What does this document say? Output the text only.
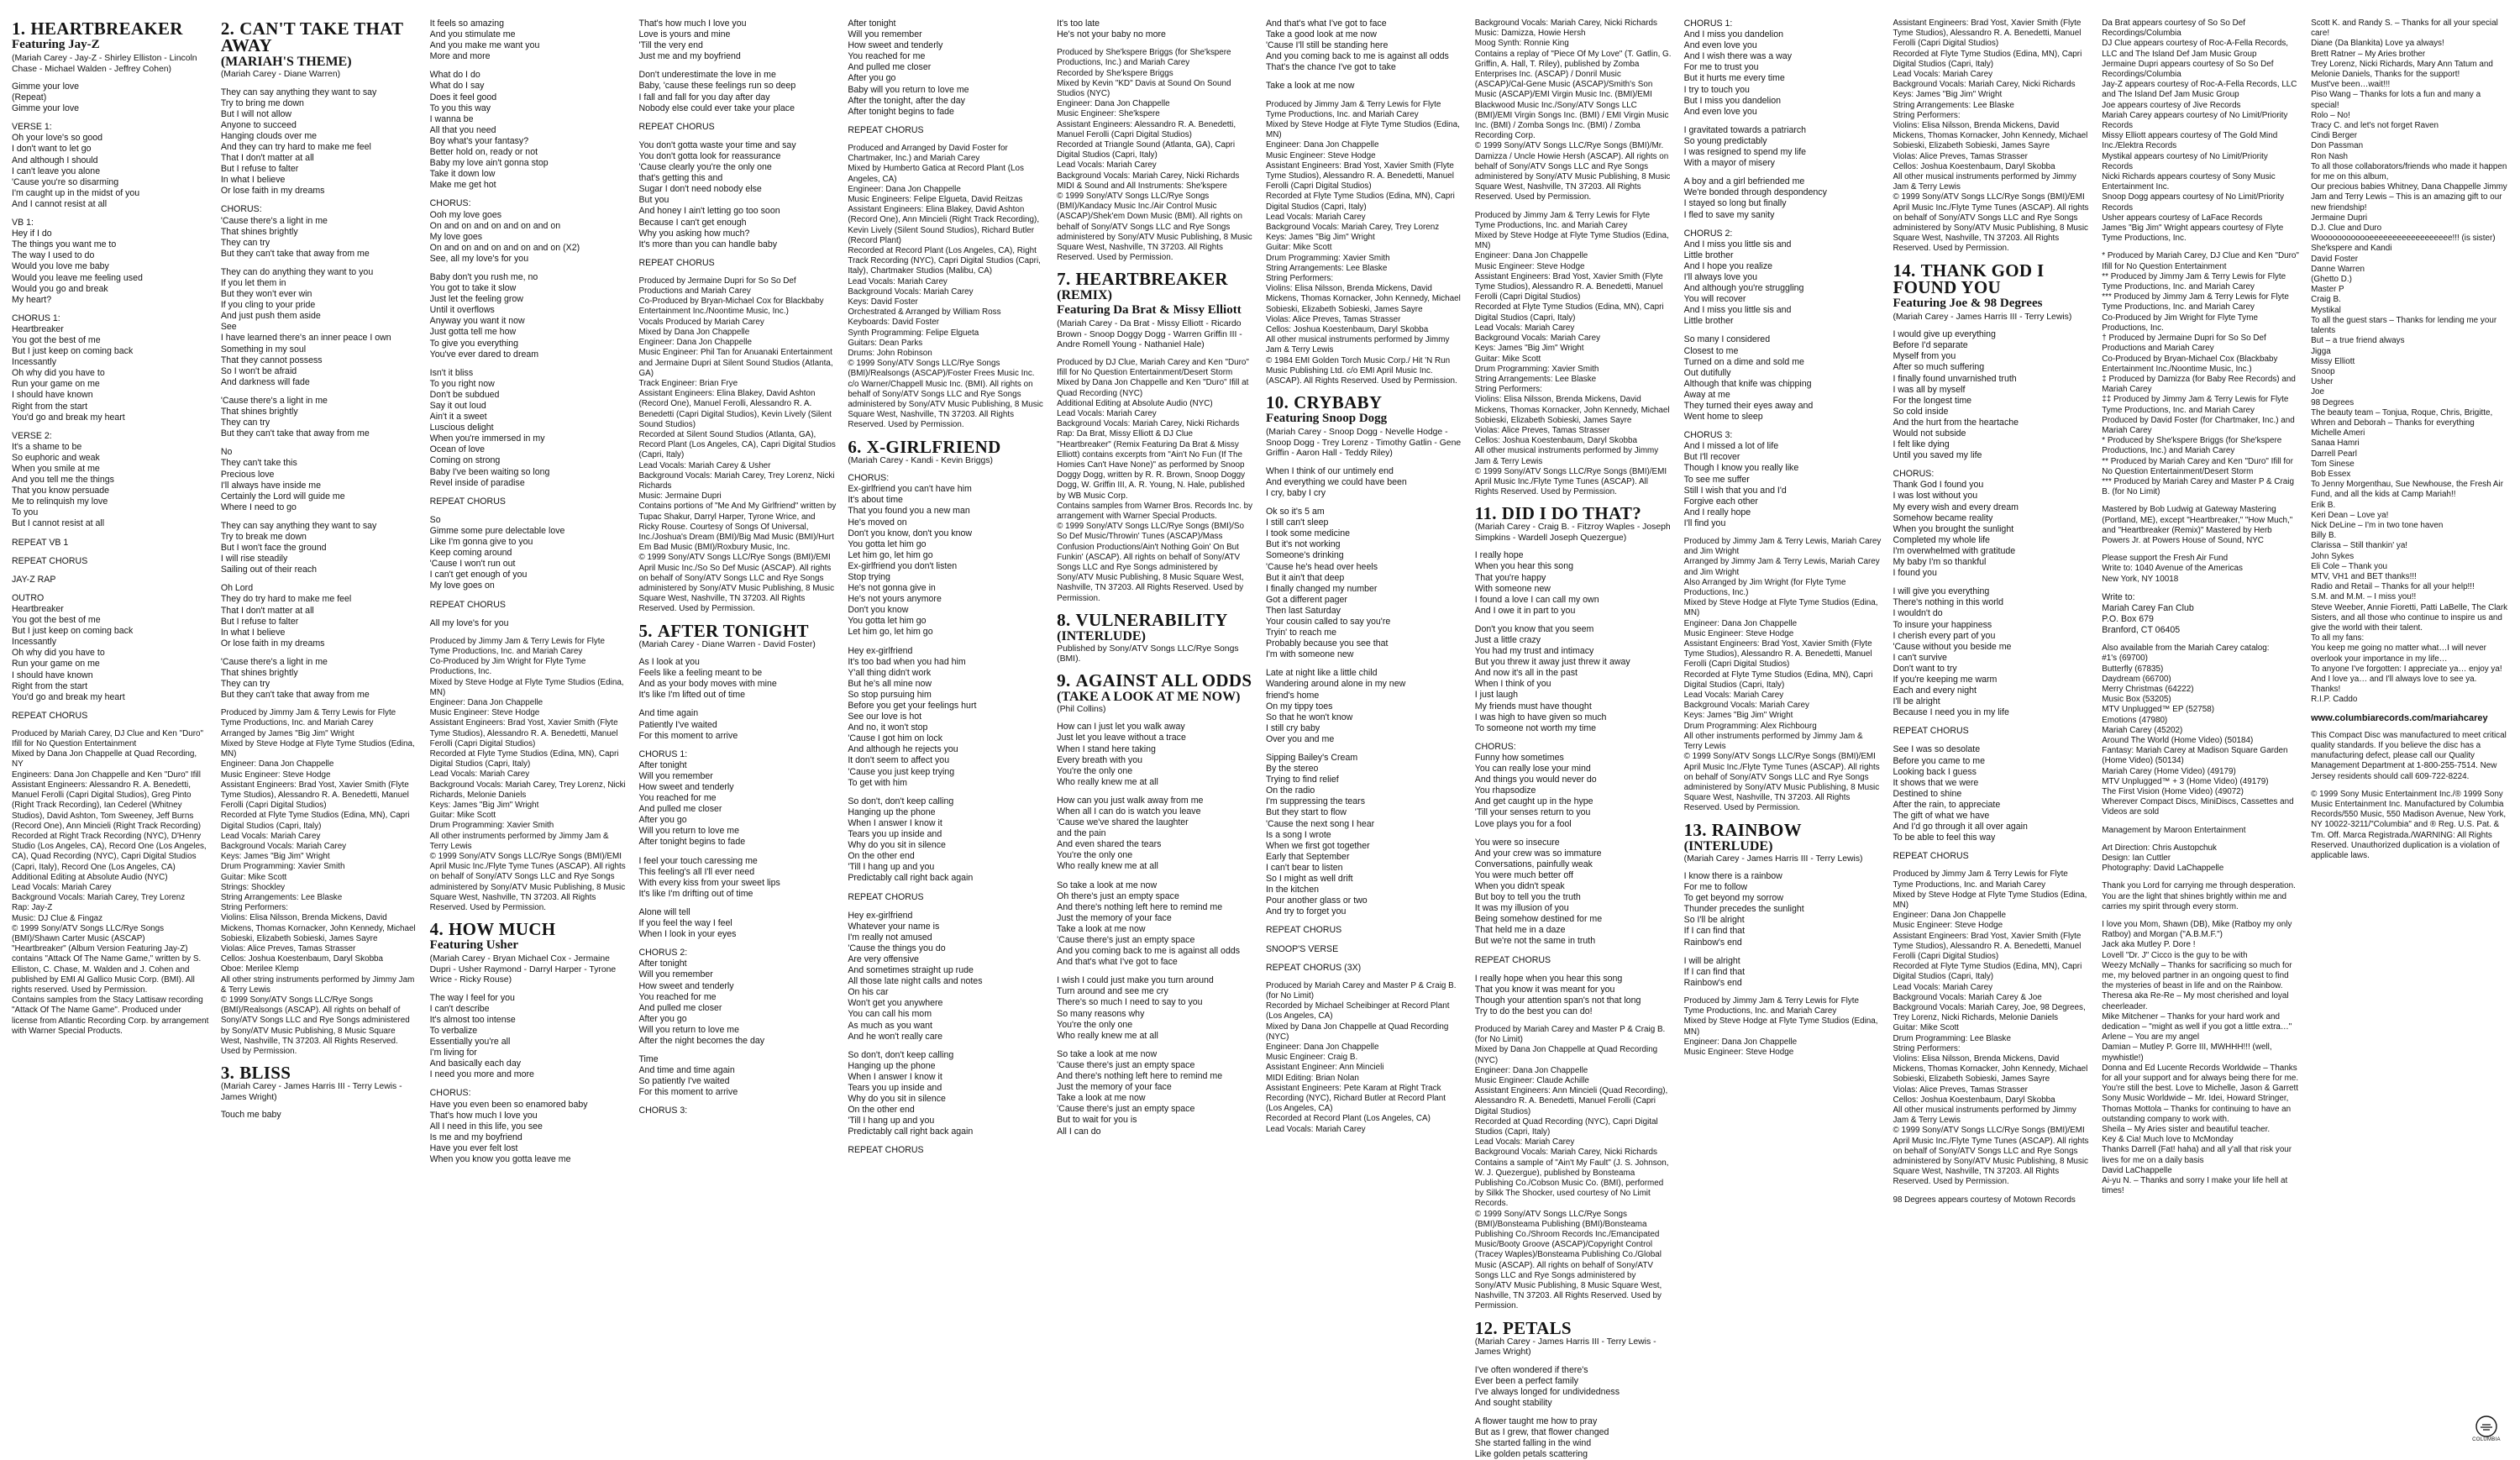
1. HEARTBREAKER
Featuring Jay-Z
(Mariah Carey - Jay-Z - Shirley Elliston - Lincoln Chase - Michael Walden - Jeffrey Cohen)

Gimme your love
(Repeat)
Gimme your love

VERSE 1:
Oh your love's so good
I don't want to let go
And although I should
I can't leave you alone
'Cause you're so disarming
I'm caught up in the midst of you
And I cannot resist at all

VB 1:
Hey if I do
The things you want me to
The way I used to do
Would you love me baby
Would you leave me feeling used
Would you go and break
My heart?

CHORUS 1:
Heartbreaker
You got the best of me
But I just keep on coming back
Incessantly
Oh why did you have to
Run your game on me
I should have known
Right from the start
You'd go and break my heart

VERSE 2:
It's a shame to be
So euphoric and weak
When you smile at me
And you tell me the things
That you know persuade
Me to relinquish my love
To you
But I cannot resist at all

REPEAT VB 1

REPEAT CHORUS

JAY-Z RAP

OUTRO
Heartbreaker
You got the best of me
But I just keep on coming back
Incessantly
Oh why did you have to
Run your game on me
I should have known
Right from the start
You'd go and break my heart

REPEAT CHORUS

Produced by Mariah Carey, DJ Clue and Ken "Duro" Ifill for No Question Entertainment
Mixed by Dana Jon Chappelle at Quad Recording, NY
Engineers: Dana Jon Chappelle and Ken "Duro" Ifill
Assistant Engineers: Alessandro R. A. Benedetti, Manuel Ferolli (Capri Digital Studios), Greg Pinto (Right Track Recording), Ian Cederel (Whitney Studios), David Ashton, Tom Sweeney, Jeff Burns (Record One), Ann Mincieli (Right Track Recording)
Recorded at Right Track Recording (NYC), D'Henry Studio (Los Angeles, CA), Record One (Los Angeles, CA), Quad Recording (NYC), Capri Digital Studios (Capri, Italy), Record One (Los Angeles, CA)
Additional Editing at Absolute Audio (NYC)
Lead Vocals: Mariah Carey
Background Vocals: Mariah Carey, Trey Lorenz
Rap: Jay-Z
Music: DJ Clue & Fingaz
© 1999 Sony/ATV Songs LLC/Rye Songs (BMI)/Shawn Carter Music (ASCAP)
"Heartbreaker" (Album Version Featuring Jay-Z) contains "Attack Of The Name Game," written by S. Elliston, C. Chase, M. Walden and J. Cohen and published by EMI Al Gallico Music Corp. (BMI). All rights reserved. Used by Permission.
Contains samples from the Stacy Lattisaw recording "Attack Of The Name Game". Produced under license from Atlantic Recording Corp. by arrangement with Warner Special Products.

2. CAN'T TAKE THAT AWAY
(MARIAH'S THEME)
(Mariah Carey - Diane Warren)

They can say anything they want to say
Try to bring me down
But I will not allow
Anyone to succeed
Hanging clouds over me
And they can try hard to make me feel
That I don't matter at all
But I refuse to falter
In what I believe
Or lose faith in my dreams

CHORUS:
'Cause there's a light in me
That shines brightly
They can try
But they can't take that away from me

They can do anything they want to you
If you let them in
But they won't ever win
If you cling to your pride
And just push them aside
See
I have learned there's an inner peace I own
Something in my soul
That they cannot possess
So I won't be afraid
And darkness will fade

'Cause there's a light in me
That shines brightly
They can try
But they can't take that away from me

No
They can't take this
Precious love
I'll always have inside me
Certainly the Lord will guide me
Where I need to go

They can say anything they want to say
Try to break me down
But I won't face the ground
I will rise steadily
Sailing out of their reach

Oh Lord
They do try hard to make me feel
That I don't matter at all
But I refuse to falter
In what I believe
Or lose faith in my dreams

'Cause there's a light in me
That shines brightly
They can try
But they can't take that away from me

Produced by Jimmy Jam & Terry Lewis for Flyte Tyme Productions, Inc. and Mariah Carey
Arranged by James "Big Jim" Wright
Mixed by Steve Hodge at Flyte Tyme Studios (Edina, MN)
Engineer: Dana Jon Chappelle
Music Engineer: Steve Hodge
Assistant Engineers: Brad Yost, Xavier Smith (Flyte Tyme Studios), Alessandro R. A. Benedetti, Manuel Ferolli (Capri Digital Studios)
Recorded at Flyte Tyme Studios (Edina, MN), Capri Digital Studios (Capri, Italy)
Lead Vocals: Mariah Carey
Background Vocals: Mariah Carey
Keys: James "Big Jim" Wright
Drum Programming: Xavier Smith
Guitar: Mike Scott
Strings: Shockley
String Arrangements: Lee Blaske
String Performers:
Violins: Elisa Nilsson, Brenda Mickens, David Mickens, Thomas Kornacker, John Kennedy, Michael Sobieski, Elizabeth Sobieski, James Sayre
Violas: Alice Preves, Tamas Strasser
Cellos: Joshua Koestenbaum, Daryl Skobba
Oboe: Merilee Klemp
All other string instruments performed by Jimmy Jam & Terry Lewis
© 1999 Sony/ATV Songs LLC/Rye Songs (BMI)/Realsongs (ASCAP). All rights on behalf of Sony/ATV Songs LLC and Rye Songs administered by Sony/ATV Music Publishing, 8 Music Square West, Nashville, TN 37203. All Rights Reserved. Used by Permission.

3. BLISS
(Mariah Carey - James Harris III - Terry Lewis - James Wright)

Touch me baby

It feels so amazing
And you stimulate me
And you make me want you
More and more

What do I do
What do I say
Does it feel good
To you this way
I wanna be
All that you need
Boy what's your fantasy?
Better hold on, ready or not
Baby my love ain't gonna stop
Take it down low
Make me get hot

CHORUS:
Ooh my love goes
On and on and on and on and on
My love goes
On and on and on and on and on (X2)
See, all my love's for you

Baby don't you rush me, no
You got to take it slow
Just let the feeling grow
Until it overflows
Anyway you want it now
Just gotta tell me how
To give you everything
You've ever dared to dream

Isn't it bliss
To you right now
Don't be subdued
Say it out loud
Ain't it a sweet
Luscious delight
When you're immersed in my
Ocean of love
Coming on strong
Baby I've been waiting so long
Revel inside of paradise

REPEAT CHORUS

So
Gimme some pure delectable love
Like I'm gonna give to you
Keep coming around
'Cause I won't run out
I can't get enough of you
My love goes on

REPEAT CHORUS

All my love's for you

Produced by Jimmy Jam & Terry Lewis for Flyte Tyme Productions, Inc. and Mariah Carey
Co-Produced by Jim Wright for Flyte Tyme Productions, Inc.
Mixed by Steve Hodge at Flyte Tyme Studios (Edina, MN)
Engineer: Dana Jon Chappelle
Music Engineer: Steve Hodge
Assistant Engineers: Brad Yost, Xavier Smith (Flyte Tyme Studios), Alessandro R. A. Benedetti, Manuel Ferolli (Capri Digital Studios)
Recorded at Flyte Tyme Studios (Edina, MN), Capri Digital Studios (Capri, Italy)
Lead Vocals: Mariah Carey
Background Vocals: Mariah Carey, Trey Lorenz, Nicki Richards, Melonie Daniels
Keys: James "Big Jim" Wright
Guitar: Mike Scott
Drum Programming: Xavier Smith
All other instruments performed by Jimmy Jam & Terry Lewis
© 1999 Sony/ATV Songs LLC/Rye Songs (BMI)/EMI April Music Inc./Flyte Tyme Tunes (ASCAP). All rights on behalf of Sony/ATV Songs LLC and Rye Songs administered by Sony/ATV Music Publishing, 8 Music Square West, Nashville, TN 37203. All Rights Reserved. Used by Permission.

4. HOW MUCH
Featuring Usher
(Mariah Carey - Bryan Michael Cox - Jermaine Dupri - Usher Raymond - Darryl Harper - Tyrone Wrice - Ricky Rouse)

The way I feel for you
I can't describe
It's almost too intense
To verbalize
Essentially you're all
I'm living for
And basically each day
I need you more and more

CHORUS:
Have you even been so enamored baby
That's how much I love you
All I need in this life, you see
Is me and my boyfriend
Have you ever felt lost
When you know you gotta leave me

That's how much I love you
Love is yours and mine
'Till the very end
Just me and my boyfriend

Don't underestimate the love in me
Baby, 'cause these feelings run so deep
I fall and fall for you day after day
Nobody else could ever take your place

REPEAT CHORUS

You don't gotta waste your time and say
You don't gotta look for reassurance
'Cause clearly you're the only one
that's getting this and
Sugar I don't need nobody else
But you
And honey I ain't letting go too soon
Because I can't get enough
Why you asking how much?
It's more than you can handle baby

REPEAT CHORUS

Produced by Jermaine Dupri for So So Def Productions and Mariah Carey
Co-Produced by Bryan-Michael Cox for Blackbaby Entertainment Inc./Noontime Music, Inc.)
Vocals Produced by Mariah Carey
Mixed by Dana Jon Chappelle
Engineer: Dana Jon Chappelle
Music Engineer: Phil Tan for Anuanaki Entertainment and Jermaine Dupri at Silent Sound Studios (Atlanta, GA)
Track Engineer: Brian Frye
Assistant Engineers: Elina Blakey, David Ashton (Record One), Manuel Ferolli, Alessandro R. A. Benedetti (Capri Digital Studios), Kevin Lively (Silent Sound Studios)
Recorded at Silent Sound Studios (Atlanta, GA), Record Plant (Los Angeles, CA), Capri Digital Studios (Capri, Italy)
Lead Vocals: Mariah Carey & Usher
Background Vocals: Mariah Carey, Trey Lorenz, Nicki Richards
Music: Jermaine Dupri
Contains portions of "Me And My Girlfriend" written by Tupac Shakur, Darryl Harper, Tyrone Wrice, and Ricky Rouse. Courtesy of Songs Of Universal, Inc./Joshua's Dream (BMI)/Big Mad Music (BMI)/Hurt Em Bad Music (BMI)/Roxbury Music, Inc.
© 1999 Sony/ATV Songs LLC/Rye Songs (BMI)/EMI April Music Inc./So So Def Music (ASCAP). All rights on behalf of Sony/ATV Songs LLC and Rye Songs administered by Sony/ATV Music Publishing, 8 Music Square West, Nashville, TN 37203. All Rights Reserved. Used by Permission.

5. AFTER TONIGHT
(Mariah Carey - Diane Warren - David Foster)

As I look at you
Feels like a feeling meant to be
And as your body moves with mine
It's like I'm lifted out of time

And time again
Patiently I've waited
For this moment to arrive

CHORUS 1:
After tonight
Will you remember
How sweet and tenderly
You reached for me
And pulled me closer
After you go
Will you return to love me
After tonight begins to fade

I feel your touch caressing me
This feeling's all I'll ever need
With every kiss from your sweet lips
It's like I'm drifting out of time

Alone will tell
If you feel the way I feel
When I look in your eyes

CHORUS 2:
After tonight
Will you remember
How sweet and tenderly
You reached for me
And pulled me closer
After you go
Will you return to love me
After the night becomes the day

Time
And time and time again
So patiently I've waited
For this moment to arrive

CHORUS 3:

After tonight
Will you remember
How sweet and tenderly
You reached for me
And pulled me closer
After you go
Baby will you return to love me
After the tonight, after the day
After tonight begins to fade

REPEAT CHORUS

Produced and Arranged by David Foster for Chartmaker, Inc.) and Mariah Carey
Mixed by Humberto Gatica at Record Plant (Los Angeles, CA)
Engineer: Dana Jon Chappelle
Music Engineers: Felipe Elgueta, David Reitzas
Assistant Engineers: Elina Blakey, David Ashton (Record One), Ann Mincieli (Right Track Recording), Kevin Lively (Silent Sound Studios), Richard Butler (Record Plant)
Recorded at Record Plant (Los Angeles, CA), Right Track Recording (NYC), Capri Digital Studios (Capri, Italy), Chartmaker Studios (Malibu, CA)
Lead Vocals: Mariah Carey
Background Vocals: Mariah Carey
Keys: David Foster
Orchestrated & Arranged by William Ross
Keyboards: David Foster
Synth Programming: Felipe Elgueta
Guitars: Dean Parks
Drums: John Robinson
© 1999 Sony/ATV Songs LLC/Rye Songs (BMI)/Realsongs (ASCAP)/Foster Frees Music Inc. c/o Warner/Chappell Music Inc. (BMI). All rights on behalf of Sony/ATV Songs LLC and Rye Songs administered by Sony/ATV Music Publishing, 8 Music Square West, Nashville, TN 37203. All Rights Reserved. Used by Permission.

6. X-GIRLFRIEND
(Mariah Carey - Kandi - Kevin Briggs)

CHORUS:
Ex-girlfriend you can't have him
It's about time
That you found you a new man
He's moved on
Don't you know, don't you know
You gotta let him go
Let him go, let him go
Ex-girlfriend you don't listen
Stop trying
He's not gonna give in
He's not yours anymore
Don't you know
You gotta let him go
Let him go, let him go

Hey ex-girlfriend
It's too bad when you had him
Y'all thing didn't work
But he's all mine now
So stop pursuing him
Before you get your feelings hurt
See our love is hot
And no, it won't stop
'Cause I got him on lock
And although he rejects you
It don't seem to affect you
'Cause you just keep trying
To get with him

So don't, don't keep calling
Hanging up the phone
When I answer I know it
Tears you up inside and
Why do you sit in silence
On the other end
'Till I hang up and you
Predictably call right back again

REPEAT CHORUS

Hey ex-girlfriend
Whatever your name is
I'm really not amused
'Cause the things you do
Are very offensive
And sometimes straight up rude
All those late night calls and notes
On his car
Won't get you anywhere
You can call his mom
As much as you want
And he won't really care

So don't, don't keep calling
Hanging up the phone
When I answer I know it
Tears you up inside and
Why do you sit in silence
On the other end
'Till I hang up and you
Predictably call right back again

REPEAT CHORUS

It's too late
He's not your baby no more

Produced by She'kspere Briggs (for She'kspere Productions, Inc.) and Mariah Carey
Recorded by She'kspere Briggs
Mixed by Kevin "KD" Davis at Sound On Sound Studios (NYC)
Engineer: Dana Jon Chappelle
Music Engineer: She'kspere
Assistant Engineers: Alessandro R. A. Benedetti, Manuel Ferolli (Capri Digital Studios)
Recorded at Triangle Sound (Atlanta, GA), Capri Digital Studios (Capri, Italy)
Lead Vocals: Mariah Carey
Background Vocals: Mariah Carey, Nicki Richards
MIDI & Sound and All Instruments: She'kspere
© 1999 Sony/ATV Songs LLC/Rye Songs (BMI)/Kandacy Music Inc./Air Control Music (ASCAP)/Shek'em Down Music (BMI). All rights on behalf of Sony/ATV Songs LLC and Rye Songs administered by Sony/ATV Music Publishing, 8 Music Square West, Nashville, TN 37203. All Rights Reserved. Used by Permission.

7. HEARTBREAKER
(REMIX)
Featuring Da Brat & Missy Elliott
(Mariah Carey - Da Brat - Missy Elliott - Ricardo Brown - Snoop Doggy Dogg - Warren Griffin III - Andre Romell Young - Nathaniel Hale)

Produced by DJ Clue, Mariah Carey and Ken "Duro" Ifill for No Question Entertainment/Desert Storm
Mixed by Dana Jon Chappelle and Ken "Duro" Ifill at Quad Recording (NYC)
Additional Editing at Absolute Audio (NYC)
Lead Vocals: Mariah Carey
Background Vocals: Mariah Carey, Nicki Richards
Rap: Da Brat, Missy Elliott & DJ Clue
"Heartbreaker" (Remix Featuring Da Brat & Missy Elliott) contains excerpts from "Ain't No Fun (If The Homies Can't Have None)" as performed by Snoop Doggy Dogg, written by R. R. Brown, Snoop Doggy Dogg, W. Griffin III, A. R. Young, N. Hale, published by WB Music Corp.
Contains samples from Warner Bros. Records Inc. by arrangement with Warner Special Products.
© 1999 Sony/ATV Songs LLC/Rye Songs (BMI)/So So Def Music/Throwin' Tunes (ASCAP)/Mass Confusion Productions/Ain't Nothing Goin' On But Funkin' (ASCAP). All rights on behalf of Sony/ATV Songs LLC and Rye Songs administered by Sony/ATV Music Publishing, 8 Music Square West, Nashville, TN 37203. All Rights Reserved. Used by Permission.

8. VULNERABILITY
(INTERLUDE)
Published by Sony/ATV Songs LLC/Rye Songs (BMI).
9. AGAINST ALL ODDS
(TAKE A LOOK AT ME NOW)
(Phil Collins)

How can I just let you walk away
Just let you leave without a trace
When I stand here taking
Every breath with you
You're the only one
Who really knew me at all

How can you just walk away from me
When all I can do is watch you leave
'Cause we've shared the laughter
and the pain
And even shared the tears
You're the only one
Who really knew me at all

So take a look at me now
Oh there's just an empty space
And there's nothing left here to remind me
Just the memory of your face
Take a look at me now
'Cause there's just an empty space
And you coming back to me is against all odds
And that's what I've got to face

I wish I could just make you turn around
Turn around and see me cry
There's so much I need to say to you
So many reasons why
You're the only one
Who really knew me at all

So take a look at me now
'Cause there's just an empty space
And there's nothing left here to remind me
Just the memory of your face
Take a look at me now
'Cause there's just an empty space
But to wait for you is
All I can do

And that's what I've got to face
Take a good look at me now
'Cause I'll still be standing here
And you coming back to me is against all odds
That's the chance I've got to take

Take a look at me now

Produced by Jimmy Jam & Terry Lewis for Flyte Tyme Productions, Inc. and Mariah Carey
Mixed by Steve Hodge at Flyte Tyme Studios (Edina, MN)
Engineer: Dana Jon Chappelle
Music Engineer: Steve Hodge
Assistant Engineers: Brad Yost, Xavier Smith (Flyte Tyme Studios), Alessandro R. A. Benedetti, Manuel Ferolli (Capri Digital Studios)
Recorded at Flyte Tyme Studios (Edina, MN), Capri Digital Studios (Capri, Italy)
Lead Vocals: Mariah Carey
Background Vocals: Mariah Carey, Trey Lorenz
Keys: James "Big Jim" Wright
Guitar: Mike Scott
Drum Programming: Xavier Smith
String Arrangements: Lee Blaske
String Performers:
Violins: Elisa Nilsson, Brenda Mickens, David Mickens, Thomas Kornacker, John Kennedy, Michael Sobieski, Elizabeth Sobieski, James Sayre
Violas: Alice Preves, Tamas Strasser
Cellos: Joshua Koestenbaum, Daryl Skobba
All other musical instruments performed by Jimmy Jam & Terry Lewis
© 1984 EMI Golden Torch Music Corp./ Hit 'N Run Music Publishing Ltd. c/o EMI April Music Inc. (ASCAP). All Rights Reserved. Used by Permission.

10. CRYBABY
Featuring Snoop Dogg
(Mariah Carey - Snoop Dogg - Nevelle Hodge - Snoop Dogg - Trey Lorenz - Timothy Gatlin - Gene Griffin - Aaron Hall - Teddy Riley)

When I think of our untimely end
And everything we could have been
I cry, baby I cry

Ok so it's 5 am
I still can't sleep
I took some medicine
But it's not working
Someone's drinking
'Cause he's head over heels
But it ain't that deep
I finally changed my number
Got a different pager
Then last Saturday
Your cousin called to say you're
Tryin' to reach me
Probably because you see that
I'm with someone new

Late at night like a little child
Wandering around alone in my new
friend's home
On my tippy toes
So that he won't know
I still cry baby
Over you and me

Sipping Bailey's Cream
By the stereo
Trying to find relief
On the radio
I'm suppressing the tears
But they start to flow
'Cause the next song I hear
Is a song I wrote
When we first got together
Early that September
I can't bear to listen
So I might as well drift
In the kitchen
Pour another glass or two
And try to forget you

REPEAT CHORUS

SNOOP'S VERSE

REPEAT CHORUS (3X)

Produced by Mariah Carey and Master P & Craig B. (for No Limit)
Recorded by Michael Scheibinger at Record Plant (Los Angeles, CA)
Mixed by Dana Jon Chappelle at Quad Recording (NYC)
Engineer: Dana Jon Chappelle
Music Engineer: Craig B.
Assistant Engineer: Ann Mincieli
MIDI Editing: Brian Nolan
Assistant Engineers: Pete Karam at Right Track Recording (NYC), Richard Butler at Record Plant (Los Angeles, CA)
Recorded at Record Plant (Los Angeles, CA)
Lead Vocals: Mariah Carey

Background Vocals: Mariah Carey, Nicki Richards
Music: Damizza, Howie Hersh
Moog Synth: Ronnie King
Contains a replay of "Piece Of My Love" (T. Gatlin, G. Griffin, A. Hall, T. Riley), published by Zomba Enterprises Inc. (ASCAP) / Donril Music (ASCAP)/Cal-Gene Music (ASCAP)/Smith's Son Music (ASCAP)/EMI Virgin Music Inc. (BMI)/EMI Blackwood Music Inc./Sony/ATV Songs LLC (BMI)/EMI Virgin Songs Inc. (BMI) / EMI Virgin Music Inc. (BMI) / Zomba Songs Inc. (BMI) / Zomba Recording Corp.
© 1999 Sony/ATV Songs LLC/Rye Songs (BMI)/Mr. Damizza / Uncle Howie Hersh (ASCAP). All rights on behalf of Sony/ATV Songs LLC and Rye Songs administered by Sony/ATV Music Publishing, 8 Music Square West, Nashville, TN 37203. All Rights Reserved. Used by Permission.

Produced by Jimmy Jam & Terry Lewis for Flyte Tyme Productions, Inc. and Mariah Carey
Mixed by Steve Hodge at Flyte Tyme Studios (Edina, MN)
Engineer: Dana Jon Chappelle
Music Engineer: Steve Hodge
Assistant Engineers: Brad Yost, Xavier Smith (Flyte Tyme Studios), Alessandro R. A. Benedetti, Manuel Ferolli (Capri Digital Studios)
Recorded at Flyte Tyme Studios (Edina, MN), Capri Digital Studios (Capri, Italy)
Lead Vocals: Mariah Carey
Background Vocals: Mariah Carey
Keys: James "Big Jim" Wright
Guitar: Mike Scott
Drum Programming: Xavier Smith
String Arrangements: Lee Blaske
String Performers:
Violins: Elisa Nilsson, Brenda Mickens, David Mickens, Thomas Kornacker, John Kennedy, Michael Sobieski, Elizabeth Sobieski, James Sayre
Violas: Alice Preves, Tamas Strasser
Cellos: Joshua Koestenbaum, Daryl Skobba
All other musical instruments performed by Jimmy Jam & Terry Lewis
© 1999 Sony/ATV Songs LLC/Rye Songs (BMI)/EMI April Music Inc./Flyte Tyme Tunes (ASCAP). All Rights Reserved. Used by Permission.

11. DID I DO THAT?
(Mariah Carey - Craig B. - Fitzroy Waples - Joseph Simpkins - Wardell Joseph Quezergue)

I really hope
When you hear this song
That you're happy
With someone new
I found a love I can call my own
And I owe it in part to you

Don't you know that you seem
Just a little crazy
You had my trust and intimacy
But you threw it away just threw it away
And now it's all in the past
When I think of you
I just laugh
My friends must have thought
I was high to have given so much
To someone not worth my time

CHORUS:
Funny how sometimes
You can really lose your mind
And things you would never do
You rhapsodize
And get caught up in the hype
'Till your senses return to you
Love plays you for a fool

You were so insecure
And your crew was so immature
Conversations, painfully weak
You were much better off
When you didn't speak
But boy to tell you the truth
It was my illusion of you
Being somehow destined for me
That held me in a daze
But we're not the same in truth

REPEAT CHORUS

I really hope when you hear this song
That you know it was meant for you
Though your attention span's not that long
Try to do the best you can do!

Produced by Mariah Carey and Master P & Craig B. (for No Limit)
Mixed by Dana Jon Chappelle at Quad Recording (NYC)
Engineer: Dana Jon Chappelle
Music Engineer: Claude Achille
Assistant Engineers: Ann Mincieli (Quad Recording), Alessandro R. A. Benedetti, Manuel Ferolli (Capri Digital Studios)
Recorded at Quad Recording (NYC), Capri Digital Studios (Capri, Italy)
Lead Vocals: Mariah Carey
Background Vocals: Mariah Carey, Nicki Richards
Contains a sample of "Ain't My Fault" (J. S. Johnson, W. J. Quezergue), published by Bonsteama Publishing Co./Cobson Music Co. (BMI), performed by Silkk The Shocker, used courtesy of No Limit Records.
© 1999 Sony/ATV Songs LLC/Rye Songs (BMI)/Bonsteama Publishing (BMI)/Bonsteama Publishing Co./Shroom Records Inc./Emancipated Music/Booty Groove (ASCAP)/Copyright Control (Tracey Waples)/Bonsteama Publishing Co./Global Music (ASCAP). All rights on behalf of Sony/ATV Songs LLC and Rye Songs administered by Sony/ATV Music Publishing, 8 Music Square West, Nashville, TN 37203. All Rights Reserved. Used by Permission.

12. PETALS
(Mariah Carey - James Harris III - Terry Lewis - James Wright)

I've often wondered if there's
Ever been a perfect family
I've always longed for undividedness
And sought stability

A flower taught me how to pray
But as I grew, that flower changed
She started falling in the wind
Like golden petals scattering

CHORUS 1:
And I miss you dandelion
And even love you
And I wish there was a way
For me to trust you
But it hurts me every time
I try to touch you
But I miss you dandelion
And even love you

I gravitated towards a patriarch
So young predictably
I was resigned to spend my life
With a mayor of misery

A boy and a girl befriended me
We're bonded through despondency
I stayed so long but finally
I fled to save my sanity

CHORUS 2:
And I miss you little sis and
Little brother
And I hope you realize
I'll always love you
And although you're struggling
You will recover
And I miss you little sis and
Little brother

So many I considered
Closest to me
Turned on a dime and sold me
Out dutifully
Although that knife was chipping
Away at me
They turned their eyes away and
Went home to sleep

CHORUS 3:
And I missed a lot of life
But I'll recover
Though I know you really like
To see me suffer
Still I wish that you and I'd
Forgive each other
And I really hope
I'll find you

Produced by Jimmy Jam & Terry Lewis, Mariah Carey and Jim Wright
Arranged by Jimmy Jam & Terry Lewis, Mariah Carey and Jim Wright
Also Arranged by Jim Wright (for Flyte Tyme Productions, Inc.)
Mixed by Steve Hodge at Flyte Tyme Studios (Edina, MN)
Engineer: Dana Jon Chappelle
Music Engineer: Steve Hodge
Assistant Engineers: Brad Yost, Xavier Smith (Flyte Tyme Studios), Alessandro R. A. Benedetti, Manuel Ferolli (Capri Digital Studios)
Recorded at Flyte Tyme Studios (Edina, MN), Capri Digital Studios (Capri, Italy)
Lead Vocals: Mariah Carey
Background Vocals: Mariah Carey
Keys: James "Big Jim" Wright
Drum Programming: Alex Richbourg
All other instruments performed by Jimmy Jam & Terry Lewis
© 1999 Sony/ATV Songs LLC/Rye Songs (BMI)/EMI April Music Inc./Flyte Tyme Tunes (ASCAP). All rights on behalf of Sony/ATV Songs LLC and Rye Songs administered by Sony/ATV Music Publishing, 8 Music Square West, Nashville, TN 37203. All Rights Reserved. Used by Permission.

13. RAINBOW
(INTERLUDE)
(Mariah Carey - James Harris III - Terry Lewis)

I know there is a rainbow
For me to follow
To get beyond my sorrow
Thunder precedes the sunlight
So I'll be alright
If I can find that
Rainbow's end

I will be alright
If I can find that
Rainbow's end

Produced by Jimmy Jam & Terry Lewis for Flyte Tyme Productions, Inc. and Mariah Carey
Mixed by Steve Hodge at Flyte Tyme Studios (Edina, MN)
Engineer: Dana Jon Chappelle
Music Engineer: Steve Hodge

Assistant Engineers: Brad Yost, Xavier Smith (Flyte Tyme Studios), Alessandro R. A. Benedetti, Manuel Ferolli (Capri Digital Studios)
Recorded at Flyte Tyme Studios (Edina, MN), Capri Digital Studios (Capri, Italy)
Lead Vocals: Mariah Carey
Background Vocals: Mariah Carey, Nicki Richards
Keys: James "Big Jim" Wright
String Arrangements: Lee Blaske
String Performers:
Violins: Elisa Nilsson, Brenda Mickens, David Mickens, Thomas Kornacker, John Kennedy, Michael Sobieski, Elizabeth Sobieski, James Sayre
Violas: Alice Preves, Tamas Strasser
Cellos: Joshua Koestenbaum, Daryl Skobba
All other musical instruments performed by Jimmy Jam & Terry Lewis
© 1999 Sony/ATV Songs LLC/Rye Songs (BMI)/EMI April Music Inc./Flyte Tyme Tunes (ASCAP). All rights on behalf of Sony/ATV Songs LLC and Rye Songs administered by Sony/ATV Music Publishing, 8 Music Square West, Nashville, TN 37203. All Rights Reserved. Used by Permission.

14. THANK GOD I FOUND YOU
Featuring Joe & 98 Degrees
(Mariah Carey - James Harris III - Terry Lewis)

I would give up everything
Before I'd separate
Myself from you
After so much suffering
I finally found unvarnished truth
I was all by myself
For the longest time
So cold inside
And the hurt from the heartache
Would not subside
I felt like dying
Until you saved my life

CHORUS:
Thank God I found you
I was lost without you
My every wish and every dream
Somehow became reality
When you brought the sunlight
Completed my whole life
I'm overwhelmed with gratitude
My baby I'm so thankful
I found you

I will give you everything
There's nothing in this world
I wouldn't do
To insure your happiness
I cherish every part of you
'Cause without you beside me
I can't survive
Don't want to try
If you're keeping me warm
Each and every night
I'll be alright
Because I need you in my life

REPEAT CHORUS

See I was so desolate
Before you came to me
Looking back I guess
It shows that we were
Destined to shine
After the rain, to appreciate
The gift of what we have
And I'd go through it all over again
To be able to feel this way

REPEAT CHORUS

Produced by Jimmy Jam & Terry Lewis for Flyte Tyme Productions, Inc. and Mariah Carey
Mixed by Steve Hodge at Flyte Tyme Studios (Edina, MN)
Engineer: Dana Jon Chappelle
Music Engineer: Steve Hodge
Assistant Engineers: Brad Yost, Xavier Smith (Flyte Tyme Studios), Alessandro R. A. Benedetti, Manuel Ferolli (Capri Digital Studios)
Recorded at Flyte Tyme Studios (Edina, MN), Capri Digital Studios (Capri, Italy)
Lead Vocals: Mariah Carey
Background Vocals: Mariah Carey & Joe
Background Vocals: Mariah Carey, Joe, 98 Degrees, Trey Lorenz, Nicki Richards, Melonie Daniels
Guitar: Mike Scott
Drum Programming: Lee Blaske
String Performers:
Violins: Elisa Nilsson, Brenda Mickens, David Mickens, Thomas Kornacker, John Kennedy, Michael Sobieski, Elizabeth Sobieski, James Sayre
Violas: Alice Preves, Tamas Strasser
Cellos: Joshua Koestenbaum, Daryl Skobba
All other musical instruments performed by Jimmy Jam & Terry Lewis
© 1999 Sony/ATV Songs LLC/Rye Songs (BMI)/EMI April Music Inc./Flyte Tyme Tunes (ASCAP). All rights on behalf of Sony/ATV Songs LLC and Rye Songs administered by Sony/ATV Music Publishing, 8 Music Square West, Nashville, TN 37203. All Rights Reserved. Used by Permission.

98 Degrees appears courtesy of Motown Records

Da Brat appears courtesy of So So Def Recordings/Columbia
DJ Clue appears courtesy of Roc-A-Fella Records, LLC and The Island Def Jam Music Group
Jermaine Dupri appears courtesy of So So Def Recordings/Columbia
Jay-Z appears courtesy of Roc-A-Fella Records, LLC and The Island Def Jam Music Group
Joe appears courtesy of Jive Records
Mariah Carey appears courtesy of No Limit/Priority Records
Missy Elliott appears courtesy of The Gold Mind Inc./Elektra Records
Mystikal appears courtesy of No Limit/Priority Records
Nicki Richards appears courtesy of Sony Music Entertainment Inc.
Snoop Dogg appears courtesy of No Limit/Priority Records
Usher appears courtesy of LaFace Records
James "Big Jim" Wright appears courtesy of Flyte Tyme Productions, Inc.

* Produced by Mariah Carey, DJ Clue and Ken "Duro" Ifill for No Question Entertainment
** Produced by Jimmy Jam & Terry Lewis for Flyte Tyme Productions, Inc. and Mariah Carey
*** Produced by Jimmy Jam & Terry Lewis for Flyte Tyme Productions, Inc. and Mariah Carey
Co-Produced by Jim Wright for Flyte Tyme Productions, Inc.
† Produced by Jermaine Dupri for So So Def Productions and Mariah Carey
Co-Produced by Bryan-Michael Cox (Blackbaby Entertainment Inc./Noontime Music, Inc.)
‡ Produced by Damizza (for Baby Ree Records) and Mariah Carey
‡‡ Produced by Jimmy Jam & Terry Lewis for Flyte Tyme Productions, Inc. and Mariah Carey
Produced by David Foster (for Chartmaker, Inc.) and Mariah Carey
* Produced by She'kspere Briggs (for She'kspere Productions, Inc.) and Mariah Carey
** Produced by Mariah Carey and Ken "Duro" Ifill for No Question Entertainment/Desert Storm
*** Produced by Mariah Carey and Master P & Craig B. (for No Limit)

Mastered by Bob Ludwig at Gateway Mastering (Portland, ME), except "Heartbreaker," "How Much," and "Heartbreaker (Remix)" Mastered by Herb Powers Jr. at Powers House of Sound, NYC

Please support the Fresh Air Fund
Write to: 1040 Avenue of the Americas
New York, NY 10018

Write to:
Mariah Carey Fan Club
P.O. Box 679
Branford, CT 06405

Also available from the Mariah Carey catalog:
#1's (69700)
Butterfly (67835)
Daydream (66700)
Merry Christmas (64222)
Music Box (53205)
MTV Unplugged™ EP (52758)
Emotions (47980)
Mariah Carey (45202)
Around The World (Home Video) (50184)
Fantasy: Mariah Carey at Madison Square Garden (Home Video) (50134)
Mariah Carey (Home Video) (49179)
MTV Unplugged™ + 3 (Home Video) (49179)
The First Vision (Home Video) (49072)
Wherever Compact Discs, MiniDiscs, Cassettes and Videos are sold

Management by Maroon Entertainment

Art Direction: Chris Austopchuk
Design: Ian Cuttler
Photography: David LaChappelle

Thank you Lord for carrying me through desperation. You are the light that shines brightly within me and carries my spirit through every storm.

I love you Mom, Shawn (DB), Mike (Ratboy my only Ratboy) and Morgan ("A.B.M.F.")
Jack aka Mutley P. Dore !
Lovell "Dr. J" Cicco is the guy to be with
Weezy McNally – Thanks for sacrificing so much for me, my beloved partner in an ongoing quest to find the mysteries of beast in life and on the Rainbow.
Theresa aka Re-Re – My most cherished and loyal cheerleader.
Mike Mitchener – Thanks for your hard work and dedication – "might as well if you got a little extra…"
Arlene – You are my angel
Damian – Mutley P. Gorre III, MWHHH!!! (well, mywhistle!)
Donna and Ed Lucente Records Worldwide – Thanks for all your support and for always being there for me. You're still the best. Love to Michelle, Jason & Garrett
Sony Music Worldwide – Mr. Idei, Howard Stringer, Thomas Mottola – Thanks for continuing to have an outstanding company to work with.
Sheila – My Aries sister and beautiful teacher.
Key & Cia! Much love to McMonday
Thanks Darrell (Fat! haha) and all y'all that risk your lives for me on a daily basis
David LaChappelle
Ai-yu N. – Thanks and sorry I make your life hell at times!

Scott K. and Randy S. – Thanks for all your special care!
Diane (Da Blankita) Love ya always!
Brett Ratner – My Aries brother
Trey Lorenz, Nicki Richards, Mary Ann Tatum and Melonie Daniels, Thanks for the support!
Must've been…wait!!!
Piso Wang – Thanks for lots a fun and many a special!
Rolo – No!
Tracy C. and let's not forget Raven
Cindi Berger
Don Passman
Ron Nash
To all those collaborators/friends who made it happen for me on this album,
Our precious babies Whitney, Dana Chappelle Jimmy Jam and Terry Lewis – This is an amazing gift to our new friendship!
Jermaine Dupri
D.J. Clue and Duro
Woooooooooooeeeeeeeeeeeeeeeeee!!! (is sister)
She'kspere and Kandi
David Foster
Danne Warren
(Ghetto D.)
Master P
Craig B.
Mystikal
To all the guest stars – Thanks for lending me your talents
But – a true friend always
Jigga
Missy Elliott
Snoop
Usher
Joe
98 Degrees
The beauty team – Tonjua, Roque, Chris, Brigitte, Whren and Deborah – Thanks for everything
Michelle Ameri
Sanaa Hamri
Darrell Pearl
Tom Sinese
Bob Essex
To Jenny Morgenthau, Sue Newhouse, the Fresh Air Fund, and all the kids at Camp Mariah!!
Erik B.
Keri Dean – Love ya!
Nick DeLine – I'm in two tone haven
Billy B.
Clarissa – Still thankin' ya!
John Sykes
Eli Cole – Thank you
MTV, VH1 and BET thanks!!!
Radio and Retail – Thanks for all your help!!!
S.M. and M.M. – I miss you!!
Steve Weeber, Annie Fioretti, Patti LaBelle, The Clark Sisters, and all those who continue to inspire us and give the world with their talent.
To all my fans:
You keep me going no matter what…I will never overlook your importance in my life…
To anyone I've forgotten: I appreciate ya… enjoy ya! And I love ya… and I'll always love to see ya. Thanks!
R.I.P. Caddo

www.columbiarecords.com/mariahcarey

This Compact Disc was manufactured to meet critical quality standards. If you believe the disc has a manufacturing defect, please call our Quality Management Department at 1-800-255-7514. New Jersey residents should call 609-722-8224.

© 1999 Sony Music Entertainment Inc./® 1999 Sony Music Entertainment Inc. Manufactured by Columbia Records/550 Music, 550 Madison Avenue, New York, NY 10022-3211/"Columbia" and ® Reg. U.S. Pat. & Tm. Off. Marca Registrada./WARNING: All Rights Reserved. Unauthorized duplication is a violation of applicable laws.

COLUMBIA
